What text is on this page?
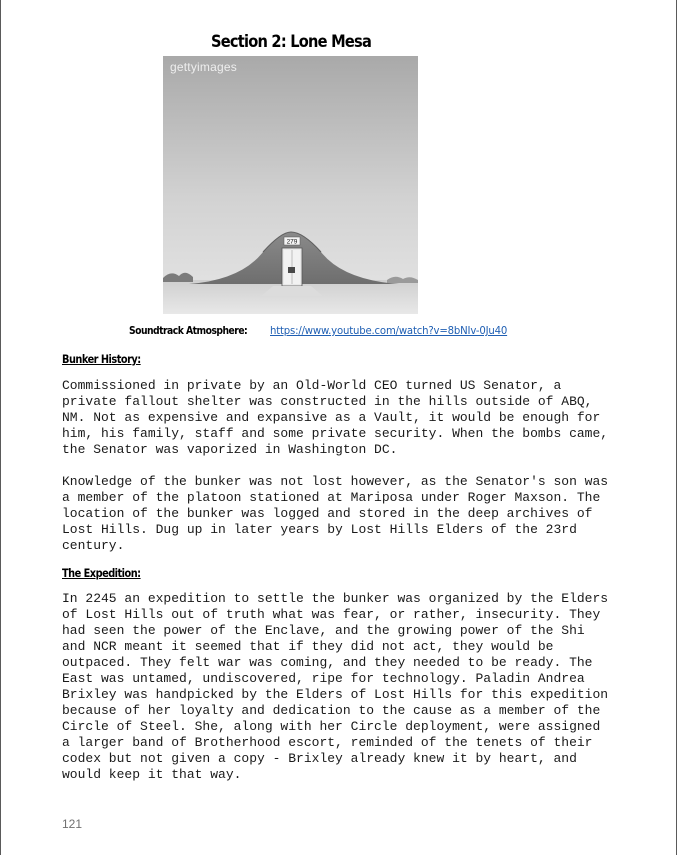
Section 2: Lone Mesa
279
gettyimages
Soundtrack Atmosphere: https://www.youtube.com/watch?v=8bNIv-0Ju40
Bunker History:

Commissioned in private by an Old-World CEO turned US Senator, a
private fallout shelter was constructed in the hills outside of ABQ,
NM. Not as expensive and expansive as a Vault, it would be enough for
him, his family, staff and some private security. When the bombs came,
the Senator was vaporized in Washington DC.

Knowledge of the bunker was not lost however, as the Senator's son was
a member of the platoon stationed at Mariposa under Roger Maxson. The
location of the bunker was logged and stored in the deep archives of
Lost Hills. Dug up in later years by Lost Hills Elders of the 23rd
century.

The Expedition:

In 2245 an expedition to settle the bunker was organized by the Elders
of Lost Hills out of truth what was fear, or rather, insecurity. They
had seen the power of the Enclave, and the growing power of the Shi
and NCR meant it seemed that if they did not act, they would be
outpaced. They felt war was coming, and they needed to be ready. The
East was untamed, undiscovered, ripe for technology. Paladin Andrea
Brixley was handpicked by the Elders of Lost Hills for this expedition
because of her loyalty and dedication to the cause as a member of the
Circle of Steel. She, along with her Circle deployment, were assigned
a larger band of Brotherhood escort, reminded of the tenets of their
codex but not given a copy - Brixley already knew it by heart, and
would keep it that way.

121
